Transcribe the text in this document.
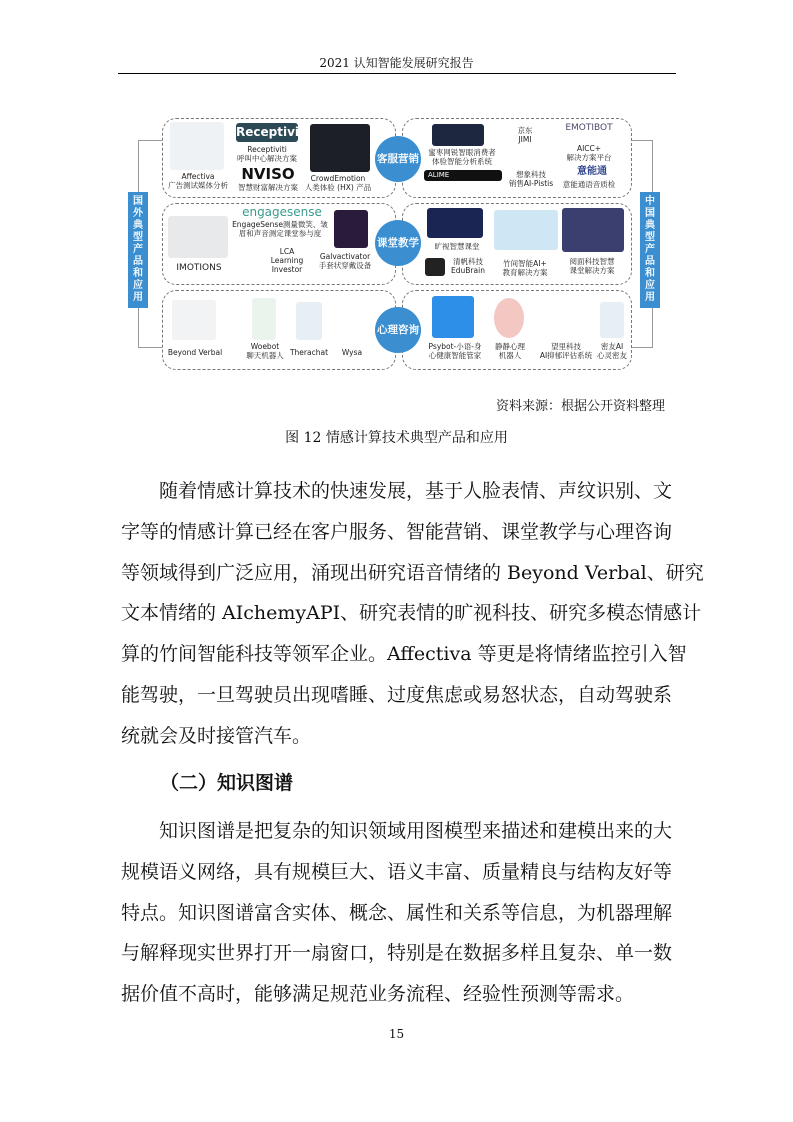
2021 认知智能发展研究报告
国外典型产品和应用
中国典型产品和应用
客服营销
课堂教学
心理咨询
Affectiva
广告测试媒体分析
Receptiviti
Receptiviti
呼叫中心解决方案
NVISO
智慧财富解决方案
CrowdEmotion
人类体验 (HX) 产品
IMOTIONS
engagesense
EngageSense测量微笑、皱
眉和声音测定课堂参与度
LCA
Learning
Investor
Galvactivator
手套状穿戴设备
Beyond Verbal
Woebot
聊天机器人 Therachat	Wysa
蜜枣网锐智眼消费者
体验智能分析系统
ALIME
京东
JIMI
想象科技
销售AI-Pistis
EMOTIBOT
AICC+
解决方案平台
意能通
意能通语音质检
旷视智慧课堂
清帆科技
EduBrain
竹间智能AI+
教育解决方案
阅面科技智慧
课堂解决方案
Psybot-小语-身
心健康智能管家
静静心理
机器人
望里科技
AI抑郁评估系统
密友AI
心灵密友
资料来源：根据公开资料整理
图 12 情感计算技术典型产品和应用
随着情感计算技术的快速发展，基于人脸表情、声纹识别、文
字等的情感计算已经在客户服务、智能营销、课堂教学与心理咨询
等领域得到广泛应用，涌现出研究语音情绪的 Beyond Verbal、研究
文本情绪的 AIchemyAPI、研究表情的旷视科技、研究多模态情感计
算的竹间智能科技等领军企业。Affectiva 等更是将情绪监控引入智
能驾驶，一旦驾驶员出现嗜睡、过度焦虑或易怒状态，自动驾驶系
统就会及时接管汽车。
（二）知识图谱
知识图谱是把复杂的知识领域用图模型来描述和建模出来的大
规模语义网络，具有规模巨大、语义丰富、质量精良与结构友好等
特点。知识图谱富含实体、概念、属性和关系等信息，为机器理解
与解释现实世界打开一扇窗口，特别是在数据多样且复杂、单一数
据价值不高时，能够满足规范业务流程、经验性预测等需求。
15
